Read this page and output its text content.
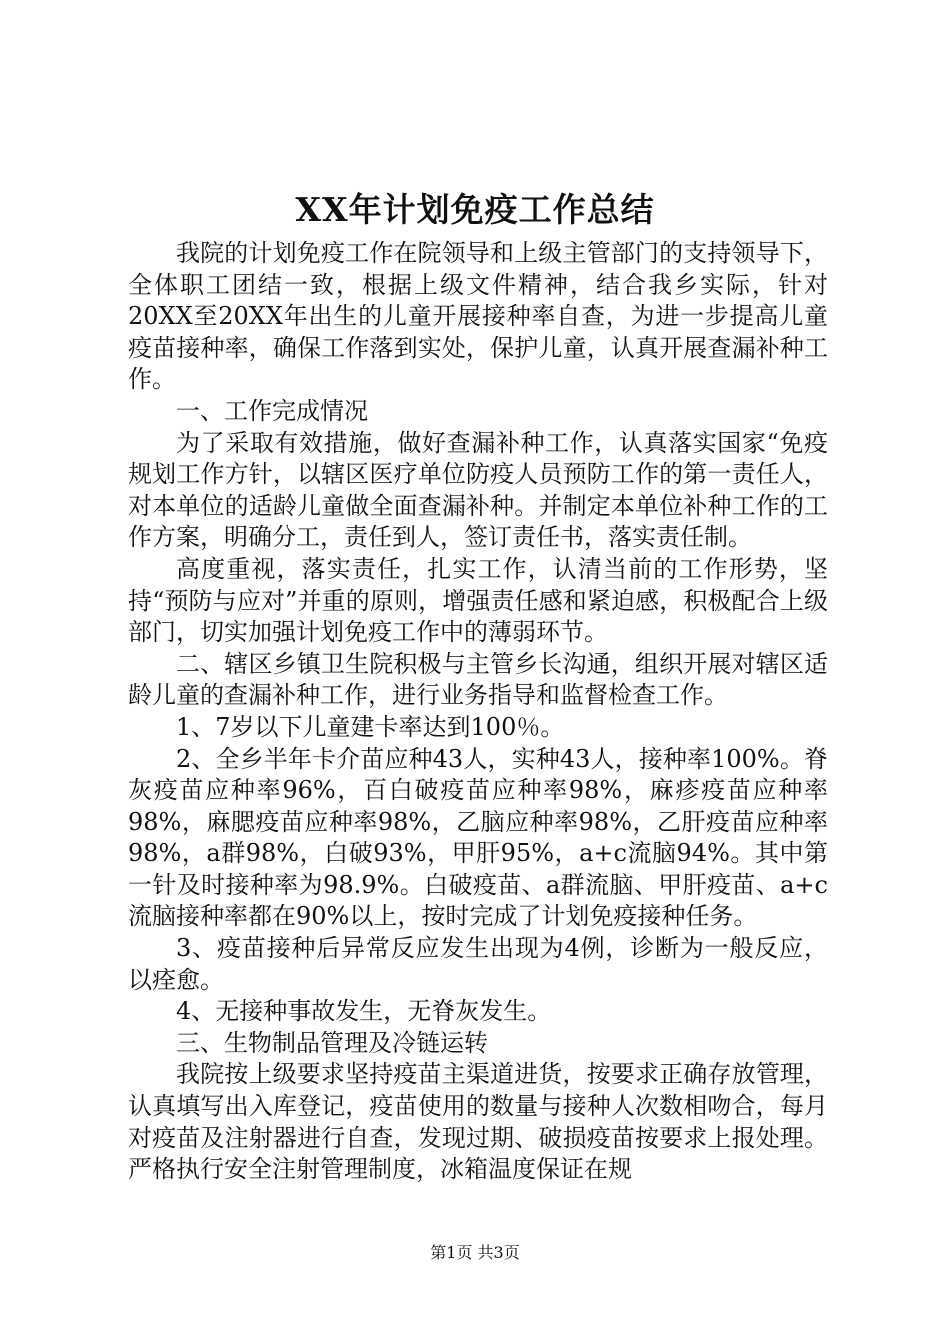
XX年计划免疫工作总结

我院的计划免疫工作在院领导和上级主管部门的支持领导下，全体职工团结一致，根据上级文件精神，结合我乡实际，针对20XX至20XX年出生的儿童开展接种率自查，为进一步提高儿童疫苗接种率，确保工作落到实处，保护儿童，认真开展查漏补种工作。

一、工作完成情况

为了采取有效措施，做好查漏补种工作，认真落实国家“免疫规划工作方针，以辖区医疗单位防疫人员预防工作的第一责任人，对本单位的适龄儿童做全面查漏补种。并制定本单位补种工作的工作方案，明确分工，责任到人，签订责任书，落实责任制。

高度重视，落实责任，扎实工作，认清当前的工作形势，坚持“预防与应对”并重的原则，增强责任感和紧迫感，积极配合上级部门，切实加强计划免疫工作中的薄弱环节。

二、辖区乡镇卫生院积极与主管乡长沟通，组织开展对辖区适龄儿童的查漏补种工作，进行业务指导和监督检查工作。

1、7岁以下儿童建卡率达到100％。

2、全乡半年卡介苗应种43人，实种43人，接种率100%。脊灰疫苗应种率96%，百白破疫苗应种率98%，麻疹疫苗应种率98%，麻腮疫苗应种率98%，乙脑应种率98%，乙肝疫苗应种率98%，a群98%，白破93%，甲肝95%，a+c流脑94%。其中第一针及时接种率为98.9%。白破疫苗、a群流脑、甲肝疫苗、a+c流脑接种率都在90%以上，按时完成了计划免疫接种任务。

3、疫苗接种后异常反应发生出现为4例，诊断为一般反应，以痊愈。

4、无接种事故发生，无脊灰发生。

三、生物制品管理及冷链运转

我院按上级要求坚持疫苗主渠道进货，按要求正确存放管理，认真填写出入库登记，疫苗使用的数量与接种人次数相吻合，每月对疫苗及注射器进行自查，发现过期、破损疫苗按要求上报处理。严格执行安全注射管理制度，冰箱温度保证在规

第1页 共3页
